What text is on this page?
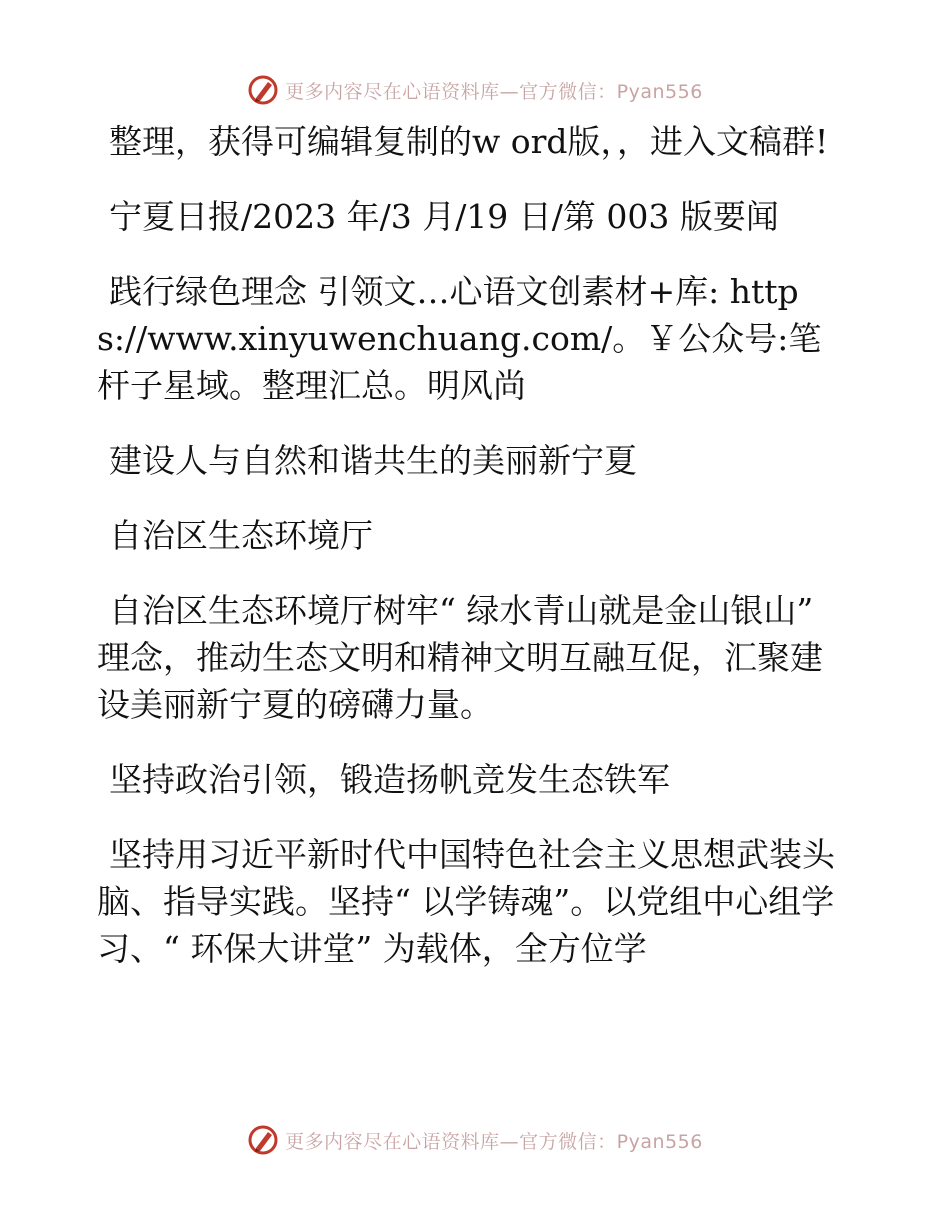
更多内容尽在心语资料库—官方微信：Pyan556

整理，获得可编辑复制的w ord版，，进入文稿群!

宁夏日报/2023 年/3 月/19 日/第 003 版要闻

践行绿色理念 引领文…心语文创素材+库: https://www.xinyuwenchuang.com/。￥公众号:笔杆子星域。整理汇总。明风尚

建设人与自然和谐共生的美丽新宁夏

自治区生态环境厅

自治区生态环境厅树牢“ 绿水青山就是金山银山” 理念，推动生态文明和精神文明互融互促，汇聚建设美丽新宁夏的磅礴力量。

坚持政治引领，锻造扬帆竞发生态铁军

坚持用习近平新时代中国特色社会主义思想武装头脑、指导实践。坚持“ 以学铸魂”。以党组中心组学习、“ 环保大讲堂” 为载体，全方位学

更多内容尽在心语资料库—官方微信：Pyan556
